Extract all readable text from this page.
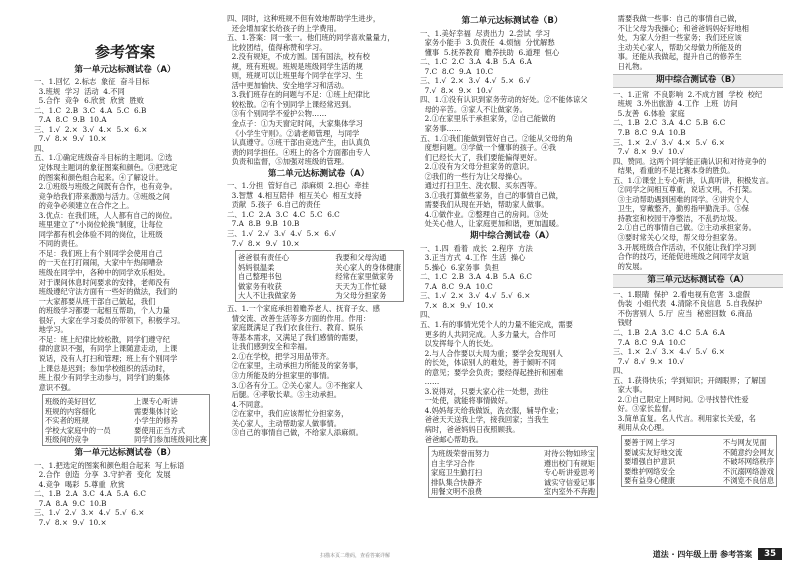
参考答案
第一单元达标测试卷（A）
一、1.回忆  2.标志  象征  奋斗目标
3.班规  学习  活动  4.不同
5.合作  竞争  6.欣赏  欣赏  胜败
二、1.C  2.B  3.C  4.A  5.C  6.B
7.A  8.C  9.B  10.A
三、1.√  2.×  3.√  4.×  5.×  6.×
7.√  8.×  9.√  10.×
四、
五、1.①确定班级奋斗目标的主题词。②选
定体现主题词的象征图案和颜色。③把选定
的图案和颜色组合起来。④了解设计。
2.①班级与班级之间既有合作，也有竞争。
竞争给我们带来激励与活力。③班级之间
的竞争必须建立在合作之上。
3.优点：在我们班，人人都有自己的岗位。
班里建立了“小岗位轮换”制度，让每位
同学都有机会体验不同的岗位，让班级
不同的责任。
不足：我们班上有个别同学会使用自己
的一天在打打闹闹，大家中午热闹嘈杂
班级在同学中，各种中的同学欢乐相处。
对于课间休息时间要求的安排，老师没有
班级遵纪守法方面有一些好的做法，我们的
一大家都要从班干部自己做起，我们
的班级学习都要一起相互帮助，个人力量
很好，大家在学习委员的带领下，积极学习。
地学习。
不足：班上纪律比较松散，同学们遵守纪
律的意识不强，有同学上课随意走动，上课
说话，没有人打扫和管理；班上有个别同学
上课总是迟到；参加学校组织的活动时，
班上很少有同学主动参与，同学们的集体
意识不强。
班级的美好回忆
班规的内容细化
不实者的班规
学校大家庭中的一员
班级间的竞争
上课专心听讲
需要集体讨论
小学生的修养
要使用正当方式
同学们参加班级间比赛
第一单元达标测试卷（B）
一、1.把选定的图案和颜色组合起来  写上标语
2.合作  创造  分享  3.守护者  变化  发展
4.竞争  喝彩  5.尊重  欣赏
二、1.B  2.A  3.C  4.A  5.A  6.C
7.A  8.A  9.C  10.B
三、1.√  2.√  3.×  4.√  5.√  6.×
7.√  8.×  9.√  10.×
四、同时，这种班规不但有效地帮助学生进步，
还会增加家长给孩子的上学费用。
五、1.答案：同一张一。他们班的同学喜欢量量力，
比较团结，值得称赞和学习。
2.没有规矩，不成方圆。国有国法，校有校
规，班有班规。班规是班级同学生活的规
则，班规可以让班里每个同学在学习、生
活中更加愉快、安全地学习和活动。
3.我们班存在的问题与不足：①班上纪律比
较松散。②有个别同学上课经常迟到。
③有个别同学不爱护公物……
金点子：①为天窗定时间，大家集体学习
《小学生守则》。②请老师管理，与同学
认真遵守。③班干部由竞选产生，由认真负
责的同学担任。④班上的各个方面都由专人
负责和监督，⑤加强对班级的管理。
第二单元达标测试卷（A）
一、1.分担  管好自己  添麻烦  2.担心  牵挂
3.智慧  4.相互陪伴  相互关心  相互支持
贡献  5.孩子  6.自己的责任
二、1.C  2.A  3.C  4.C  5.C  6.C
7.A  8.B  9.B  10.B
三、1.√  2.√  3.√  4.√  5.×  6.√
7.√  8.×  9.√  10.×
爸爸很有责任心
妈妈很温柔
自己整理书包
做家务有收获
大人不让我做家务
我要和父母沟通
关心家人的身体健康
经常在家里做家务
天天为工作忙碌
为父母分担家务
五、1.一个家庭承担着赡养老人、抚育子女、感
情交流、改善生活等多方面的作用。作用：
家庭既满足了我们衣食住行、教育、娱乐
等基本需求，又满足了我们感情的需要，
让我们感到安全和幸福。
2.①在学校，把学习用品带齐。
②在家里，主动承担力所能及的家务事，
③力所能及的分担家里的事情。
3.①各有分工。②关心家人。③不拖家人
后腿。④孝敬长辈。⑤主动承担。
4.不同意。
②在家中，我们应该帮忙分担家务，
关心家人，主动帮助家人做事情。
③自己的事情自己做，不给家人添麻烦。
第二单元达标测试卷（B）
一、1.美好幸福  尽责出力  2.尝试  学习
家务小能手  3.负责任  4.烦恼  分忧解愁
懂事  5.抚养教育  赡养扶助  6.道理  恒心
二、1.C  2.C  3.A  4.B  5.A  6.A
7.C  8.C  9.A  10.C
三、1.√  2.×  3.√  4.√  5.×  6.√
7.√  8.×  9.×  10.√
四、1.①没有认识到家务劳动的好处。②不能体谅父
母的辛苦。③家人不让做家务。
2.①在家里乐于承担家务，②自己能做的
家务事……
五、1.①我们能做到管好自己。②能从父母的角
度想问题。③学做一个懂事的孩子。④我
们已经长大了，我们要能偏得更好。
2.①没有为父母分担家务的意识。
②我们的一些行为让父母操心。
通过打扫卫生、洗衣服、买东西等。
3.①我打算做些家务，自己的事情自己做，
需要我们从现在开始，帮助家人做事。
4.①做作业。②整理自己的房间。③处
处关心他人，让家庭更加和谐，更加温暖。
期中综合测试卷（A）
一、1.四  看着  成长  2.程序  方法
3.正当方式  4.工作  生活  操心
5.操心  6.家务事  负担
二、1.C  2.B  3.A  4.B  5.A  6.C
7.A  8.C  9.A  10.C
三、1.√  2.×  3.√  4.√  5.√  6.×
7.×  8.×  9.√  10.×
四、
五、1.有的事情光凭个人的力量不能完成，需要
更多的人共同完成。人多力量大，合作可
以发挥每个人的长处。
2.与人合作要以大局为重；要学会发现别人
的长处，体谅别人的难处，善于倾听不同
的意见；要学会负责；要经得起挫折和困难
……
3.说得对，只要大家心往一处想，劲往
一处使，就能将事情做好。
4.妈妈每天给我做饭，洗衣服，辅导作业；
爸爸天天送我上学，接我回家；当我生
病时，爸爸妈妈日夜照顾我。
爸爸邮心帮助我。
为班级荣誉而努力
自主学习合作
家庭卫生勤打扫
排队集合快静齐
用餐文明不浪费
对待公物如珍宝
遵出校门有规矩
专心听讲爱思考
诚实守信爱记事
室内室外不奔跑
需要我做一些事：自己的事情自己做，
不让父母为我操心；和爸爸妈妈好好地相
处，为家人分担一些家务；我们还应该
主动关心家人，帮助父母做力所能及的
事。还能从我做起，提升自己的修养生
日礼物。
期中综合测试卷（B）
一、1.正常  不良影响  2.不成方圆  学校  校纪
班规  3.外出旅游  4.工作  上班  访问
5.友善  6.体验  家庭
二、1.B  2.C  3.A  4.C  5.B  6.C
7.B  8.C  9.A  10.B
三、1.×  2.√  3.√  4.×  5.√  6.×
7.√  8.×  9.√  10.√
四、赞同。这两个同学能正确认识和对待竞争的
结果，看重的不是比赛本身的胜负。
五、1.①课堂上专心听讲，认真听讲，积极发言。
②同学之间相互尊重，说话文明，不打架。
③主动帮助遇到困难的同学。④讲究个人
卫生，穿戴整齐，勤剪指甲勤洗手。⑤保
持教室和校园干净整洁，不乱扔垃圾。
2.①自己的事情自己做。②主动承担家务。
③要时常关心父母，帮父母分担家务。
3.开展班级合作活动，不仅能让我们学习到
合作的技巧，还能促进班级之间同学友谊
的发展。
第三单元达标测试卷（A）
一、1.眼睛  保护  2.看电视有危害  3.虚假
伪装  小组代表  4.清除不良信息  5.自我保护
不伤害别人  5.厅  应当  秘密回数  6.商品
钱财
二、1.B  2.A  3.C  4.C  5.A  6.A
7.A  8.C  9.A  10.C
三、1.×  2.√  3.×  4.√  5.√  6.×
7.√  8.√  9.×  10.√
四、
五、1.获得快乐；学到知识；开阔眼界；了解国
家大事。
2.①自己限定上网时间。②寻找替代性爱
好。③家长监督。
3.简单直复。名人代言。利用家长关爱，名
利用从众心理。
要善于网上学习
要诚实友好地交流
要增强自护意识
要维护网络安全
要有益身心健康
不与网友见面
不随意约会网友
不破坏网络秩序
不沉溺网络游戏
不浏览不良信息
扫描本页二维码，查看答案详解	道法 · 四年级上册 参考答案	35
